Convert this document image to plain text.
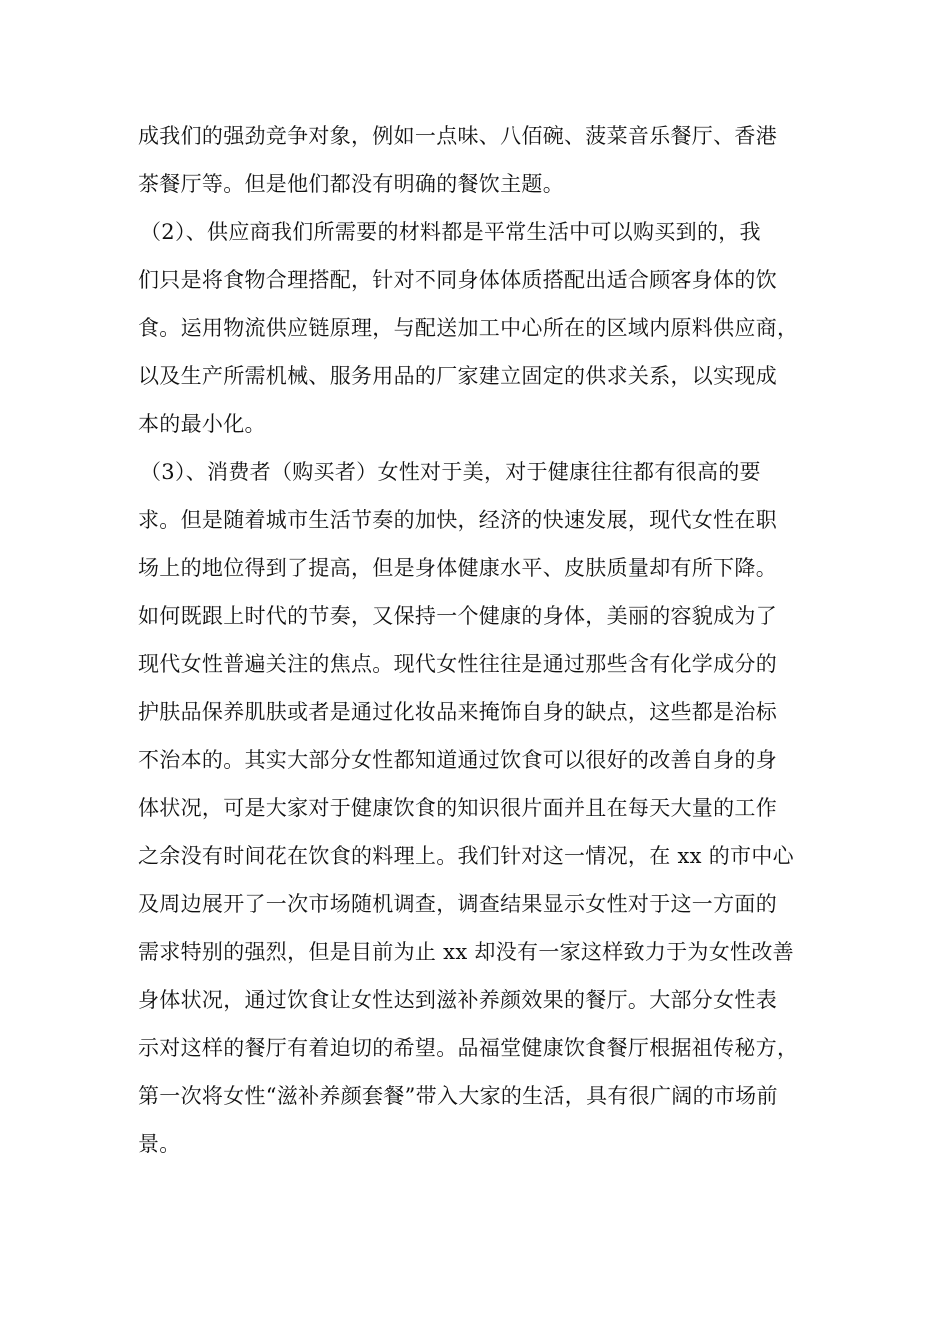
成我们的强劲竞争对象，例如一点味、八佰碗、菠菜音乐餐厅、香港
茶餐厅等。但是他们都没有明确的餐饮主题。
（2）、供应商我们所需要的材料都是平常生活中可以购买到的，我
们只是将食物合理搭配，针对不同身体体质搭配出适合顾客身体的饮
食。运用物流供应链原理，与配送加工中心所在的区域内原料供应商，
以及生产所需机械、服务用品的厂家建立固定的供求关系，以实现成
本的最小化。
（3）、消费者（购买者）女性对于美，对于健康往往都有很高的要
求。但是随着城市生活节奏的加快，经济的快速发展，现代女性在职
场上的地位得到了提高，但是身体健康水平、皮肤质量却有所下降。
如何既跟上时代的节奏，又保持一个健康的身体，美丽的容貌成为了
现代女性普遍关注的焦点。现代女性往往是通过那些含有化学成分的
护肤品保养肌肤或者是通过化妆品来掩饰自身的缺点，这些都是治标
不治本的。其实大部分女性都知道通过饮食可以很好的改善自身的身
体状况，可是大家对于健康饮食的知识很片面并且在每天大量的工作
之余没有时间花在饮食的料理上。我们针对这一情况，在 xx 的市中心
及周边展开了一次市场随机调查，调查结果显示女性对于这一方面的
需求特别的强烈，但是目前为止 xx 却没有一家这样致力于为女性改善
身体状况，通过饮食让女性达到滋补养颜效果的餐厅。大部分女性表
示对这样的餐厅有着迫切的希望。品福堂健康饮食餐厅根据祖传秘方，
第一次将女性“滋补养颜套餐”带入大家的生活，具有很广阔的市场前
景。
